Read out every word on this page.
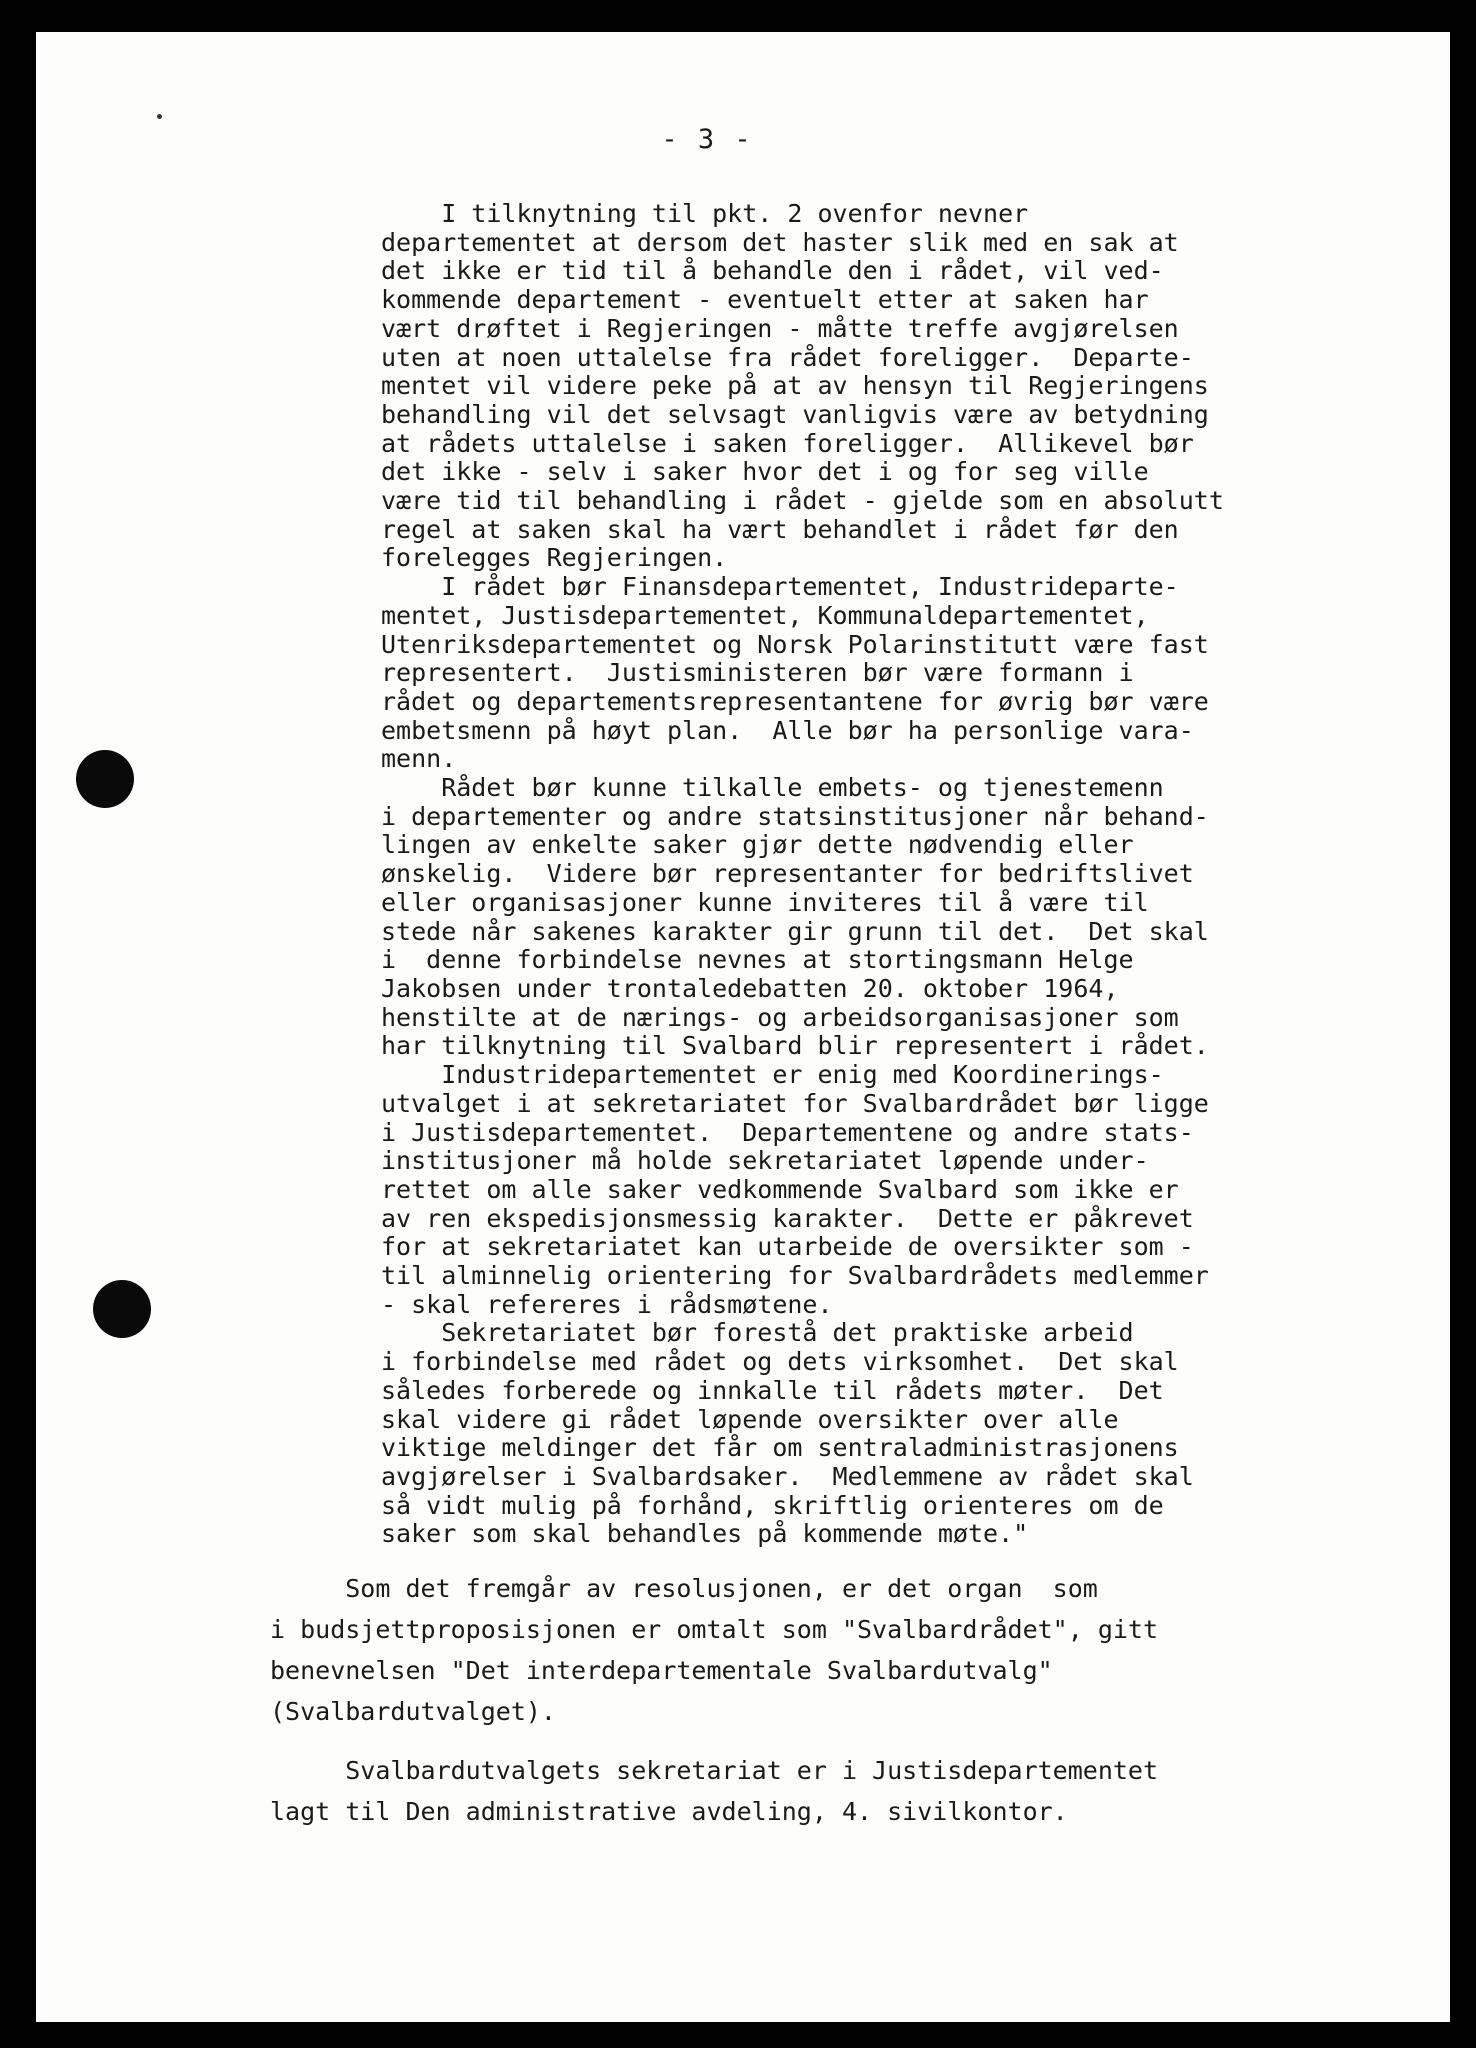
- 3 -
I tilknytning til pkt. 2 ovenfor nevner
departementet at dersom det haster slik med en sak at
det ikke er tid til å behandle den i rådet, vil ved-
kommende departement - eventuelt etter at saken har
vært drøftet i Regjeringen - måtte treffe avgjørelsen
uten at noen uttalelse fra rådet foreligger.  Departe-
mentet vil videre peke på at av hensyn til Regjeringens
behandling vil det selvsagt vanligvis være av betydning
at rådets uttalelse i saken foreligger.  Allikevel bør
det ikke - selv i saker hvor det i og for seg ville
være tid til behandling i rådet - gjelde som en absolutt
regel at saken skal ha vært behandlet i rådet før den
forelegges Regjeringen.
I rådet bør Finansdepartementet, Industrideparte-
mentet, Justisdepartementet, Kommunaldepartementet,
Utenriksdepartementet og Norsk Polarinstitutt være fast
representert.  Justisministeren bør være formann i
rådet og departementsrepresentantene for øvrig bør være
embetsmenn på høyt plan.  Alle bør ha personlige vara-
menn.
Rådet bør kunne tilkalle embets- og tjenestemenn
i departementer og andre statsinstitusjoner når behand-
lingen av enkelte saker gjør dette nødvendig eller
ønskelig.  Videre bør representanter for bedriftslivet
eller organisasjoner kunne inviteres til å være til
stede når sakenes karakter gir grunn til det.  Det skal
i  denne forbindelse nevnes at stortingsmann Helge
Jakobsen under trontaledebatten 20. oktober 1964,
henstilte at de nærings- og arbeidsorganisasjoner som
har tilknytning til Svalbard blir representert i rådet.
Industridepartementet er enig med Koordinerings-
utvalget i at sekretariatet for Svalbardrådet bør ligge
i Justisdepartementet.  Departementene og andre stats-
institusjoner må holde sekretariatet løpende under-
rettet om alle saker vedkommende Svalbard som ikke er
av ren ekspedisjonsmessig karakter.  Dette er påkrevet
for at sekretariatet kan utarbeide de oversikter som -
til alminnelig orientering for Svalbardrådets medlemmer
- skal refereres i rådsmøtene.
Sekretariatet bør forestå det praktiske arbeid
i forbindelse med rådet og dets virksomhet.  Det skal
således forberede og innkalle til rådets møter.  Det
skal videre gi rådet løpende oversikter over alle
viktige meldinger det får om sentraladministrasjonens
avgjørelser i Svalbardsaker.  Medlemmene av rådet skal
så vidt mulig på forhånd, skriftlig orienteres om de
saker som skal behandles på kommende møte."

Som det fremgår av resolusjonen, er det organ  som
i budsjettproposisjonen er omtalt som "Svalbardrådet", gitt
benevnelsen "Det interdepartementale Svalbardutvalg"
(Svalbardutvalget).

Svalbardutvalgets sekretariat er i Justisdepartementet
lagt til Den administrative avdeling, 4. sivilkontor.
